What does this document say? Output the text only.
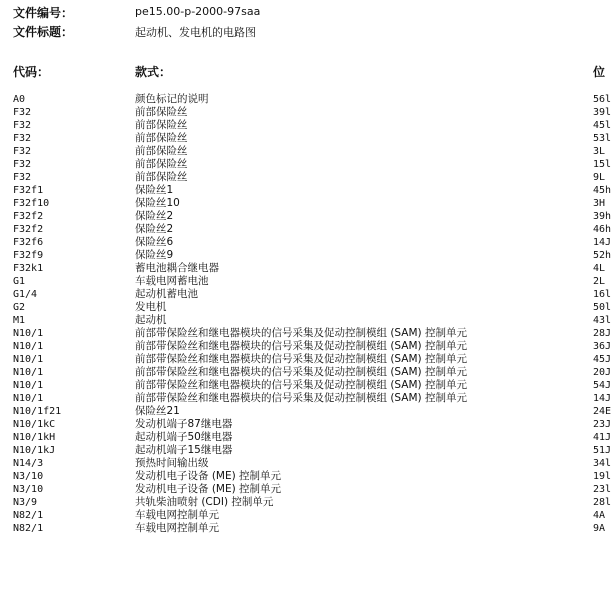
文件编号：	pe15.00-p-2000-97saa
文件标题：	起动机、发电机的电路图
代码：	款式：	位
A0	颜色标记的说明	56l
F32	前部保险丝	39l
F32	前部保险丝	45l
F32	前部保险丝	53l
F32	前部保险丝	3L
F32	前部保险丝	15l
F32	前部保险丝	9L
F32f1	保险丝1	45h
F32f10	保险丝10	3H
F32f2	保险丝2	39h
F32f2	保险丝2	46h
F32f6	保险丝6	14J
F32f9	保险丝9	52h
F32k1	蓄电池耦合继电器	4L
G1	车载电网蓄电池	2L
G1/4	起动机蓄电池	16l
G2	发电机	50l
M1	起动机	43l
N10/1	前部带保险丝和继电器模块的信号采集及促动控制模组 (SAM) 控制单元	28J
N10/1	前部带保险丝和继电器模块的信号采集及促动控制模组 (SAM) 控制单元	36J
N10/1	前部带保险丝和继电器模块的信号采集及促动控制模组 (SAM) 控制单元	45J
N10/1	前部带保险丝和继电器模块的信号采集及促动控制模组 (SAM) 控制单元	20J
N10/1	前部带保险丝和继电器模块的信号采集及促动控制模组 (SAM) 控制单元	54J
N10/1	前部带保险丝和继电器模块的信号采集及促动控制模组 (SAM) 控制单元	14J
N10/1f21	保险丝21	24E
N10/1kC	发动机端子87继电器	23J
N10/1kH	起动机端子50继电器	41J
N10/1kJ	起动机端子15继电器	51J
N14/3	预热时间输出级	34l
N3/10	发动机电子设备 (ME) 控制单元	19l
N3/10	发动机电子设备 (ME) 控制单元	23l
N3/9	共轨柴油喷射 (CDI) 控制单元	28l
N82/1	车载电网控制单元	4A
N82/1	车载电网控制单元	9A
